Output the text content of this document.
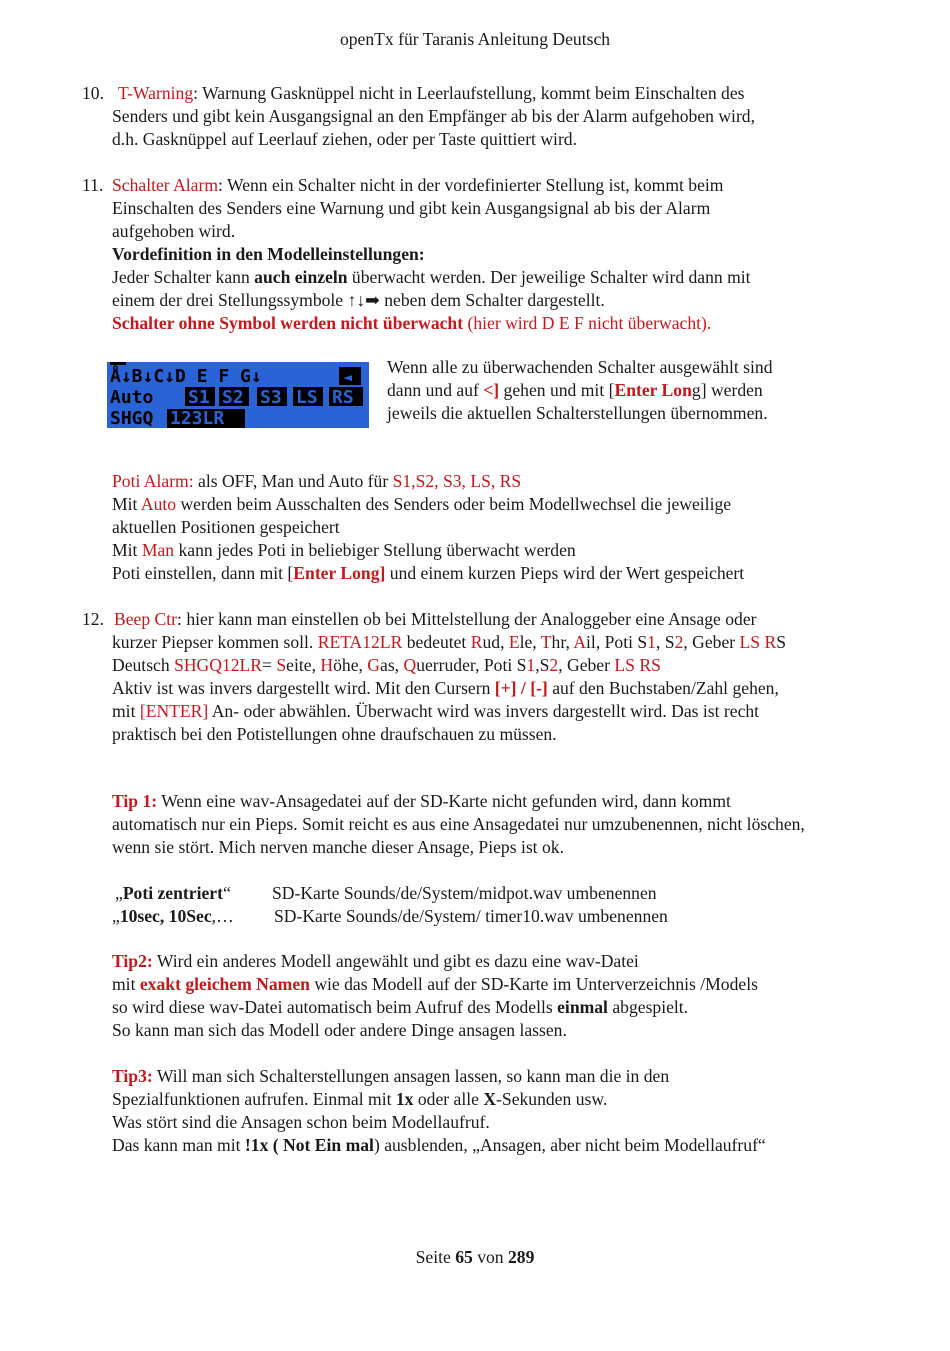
openTx für Taranis Anleitung Deutsch
10. T-Warning: Warnung Gasknüppel nicht in Leerlaufstellung, kommt beim Einschalten des
Senders und gibt kein Ausgangsignal an den Empfänger ab bis der Alarm aufgehoben wird,
d.h. Gasknüppel auf Leerlauf ziehen, oder per Taste quittiert wird.
11. Schalter Alarm: Wenn ein Schalter nicht in der vordefinierter Stellung ist, kommt beim
Einschalten des Senders eine Warnung und gibt kein Ausgangsignal ab bis der Alarm
aufgehoben wird.
Vordefinition in den Modelleinstellungen:
Jeder Schalter kann auch einzeln überwacht werden. Der jeweilige Schalter wird dann mit
einem der drei Stellungssymbole ↑↓➡ neben dem Schalter dargestellt.
Schalter ohne Symbol werden nicht überwacht (hier wird D E F nicht überwacht).
Å↓B↓C↓D E F G↓	◄
Auto S1 S2 S3 LS RS
SHGQ 123LR
Wenn alle zu überwachenden Schalter ausgewählt sind
dann und auf <] gehen und mit [Enter Long] werden
jeweils die aktuellen Schalterstellungen übernommen.
Poti Alarm: als OFF, Man und Auto für S1,S2, S3, LS, RS
Mit Auto werden beim Ausschalten des Senders oder beim Modellwechsel die jeweilige
aktuellen Positionen gespeichert
Mit Man kann jedes Poti in beliebiger Stellung überwacht werden
Poti einstellen, dann mit [Enter Long] und einem kurzen Pieps wird der Wert gespeichert
12. Beep Ctr: hier kann man einstellen ob bei Mittelstellung der Analoggeber eine Ansage oder
kurzer Piepser kommen soll. RETA12LR bedeutet Rud, Ele, Thr, Ail, Poti S1, S2, Geber LS RS
Deutsch SHGQ12LR= Seite, Höhe, Gas, Querruder, Poti S1,S2, Geber LS RS
Aktiv ist was invers dargestellt wird. Mit den Cursern [+] / [-] auf den Buchstaben/Zahl gehen,
mit [ENTER] An- oder abwählen. Überwacht wird was invers dargestellt wird. Das ist recht
praktisch bei den Potistellungen ohne draufschauen zu müssen.
Tip 1: Wenn eine wav-Ansagedatei auf der SD-Karte nicht gefunden wird, dann kommt
automatisch nur ein Pieps. Somit reicht es aus eine Ansagedatei nur umzubenennen, nicht löschen,
wenn sie stört. Mich nerven manche dieser Ansage, Pieps ist ok.
„Poti zentriert“	SD-Karte Sounds/de/System/midpot.wav umbenennen
„10sec, 10Sec,…	SD-Karte Sounds/de/System/ timer10.wav umbenennen
Tip2: Wird ein anderes Modell angewählt und gibt es dazu eine wav-Datei
mit exakt gleichem Namen wie das Modell auf der SD-Karte im Unterverzeichnis /Models
so wird diese wav-Datei automatisch beim Aufruf des Modells einmal abgespielt.
So kann man sich das Modell oder andere Dinge ansagen lassen.
Tip3: Will man sich Schalterstellungen ansagen lassen, so kann man die in den
Spezialfunktionen aufrufen. Einmal mit 1x oder alle X-Sekunden usw.
Was stört sind die Ansagen schon beim Modellaufruf.
Das kann man mit !1x ( Not Ein mal) ausblenden, „Ansagen, aber nicht beim Modellaufruf“
Seite 65 von 289
